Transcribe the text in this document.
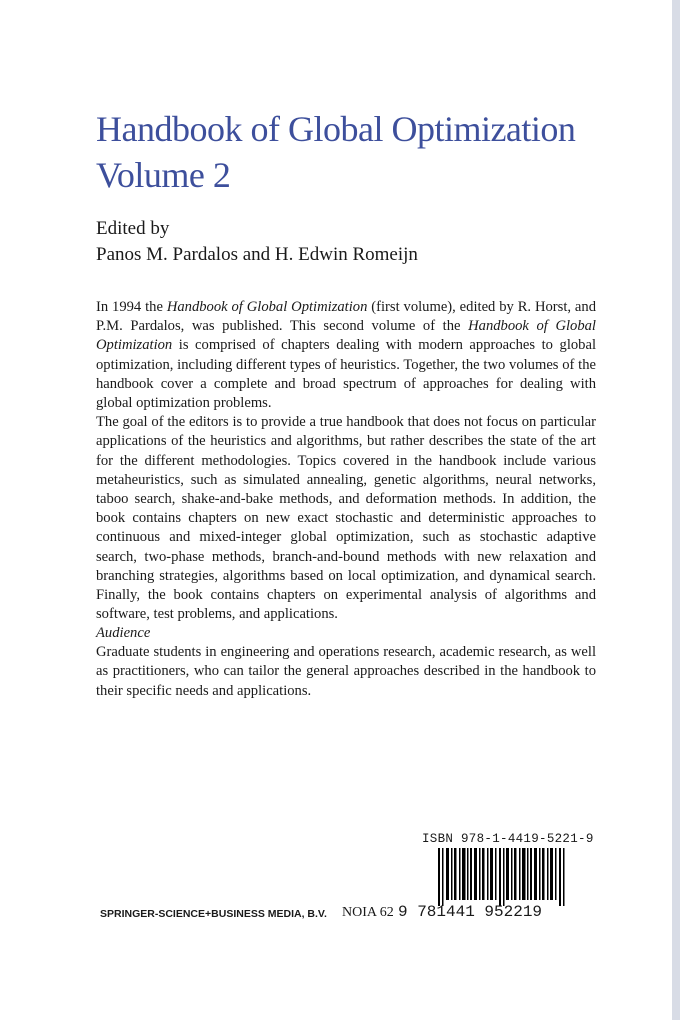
Handbook of Global Optimization
Volume 2
Edited by
Panos M. Pardalos and H. Edwin Romeijn

In 1994 the Handbook of Global Optimization (first volume), edited by R. Horst, and P.M. Pardalos, was published. This second volume of the Handbook of Global Optimization is comprised of chapters dealing with modern approaches to global optimization, including different types of heuristics. Together, the two volumes of the handbook cover a complete and broad spectrum of approaches for dealing with global optimization problems.

The goal of the editors is to provide a true handbook that does not focus on particular applications of the heuristics and algorithms, but rather describes the state of the art for the different methodologies. Topics covered in the handbook include various metaheuristics, such as simulated annealing, genetic algorithms, neural networks, taboo search, shake-and-bake methods, and deformation methods. In addition, the book contains chapters on new exact stochastic and deterministic approaches to continuous and mixed-integer global optimization, such as stochastic adaptive search, two-phase methods, branch-and-bound methods with new relaxation and branching strategies, algorithms based on local optimization, and dynamical search. Finally, the book contains chapters on experimental analysis of algorithms and software, test problems, and applications.

Audience

Graduate students in engineering and operations research, academic research, as well as practitioners, who can tailor the general approaches described in the handbook to their specific needs and applications.

ISBN 978-1-4419-5221-9
9 781441 952219
SPRINGER-SCIENCE+BUSINESS MEDIA, B.V. NOIA 62
